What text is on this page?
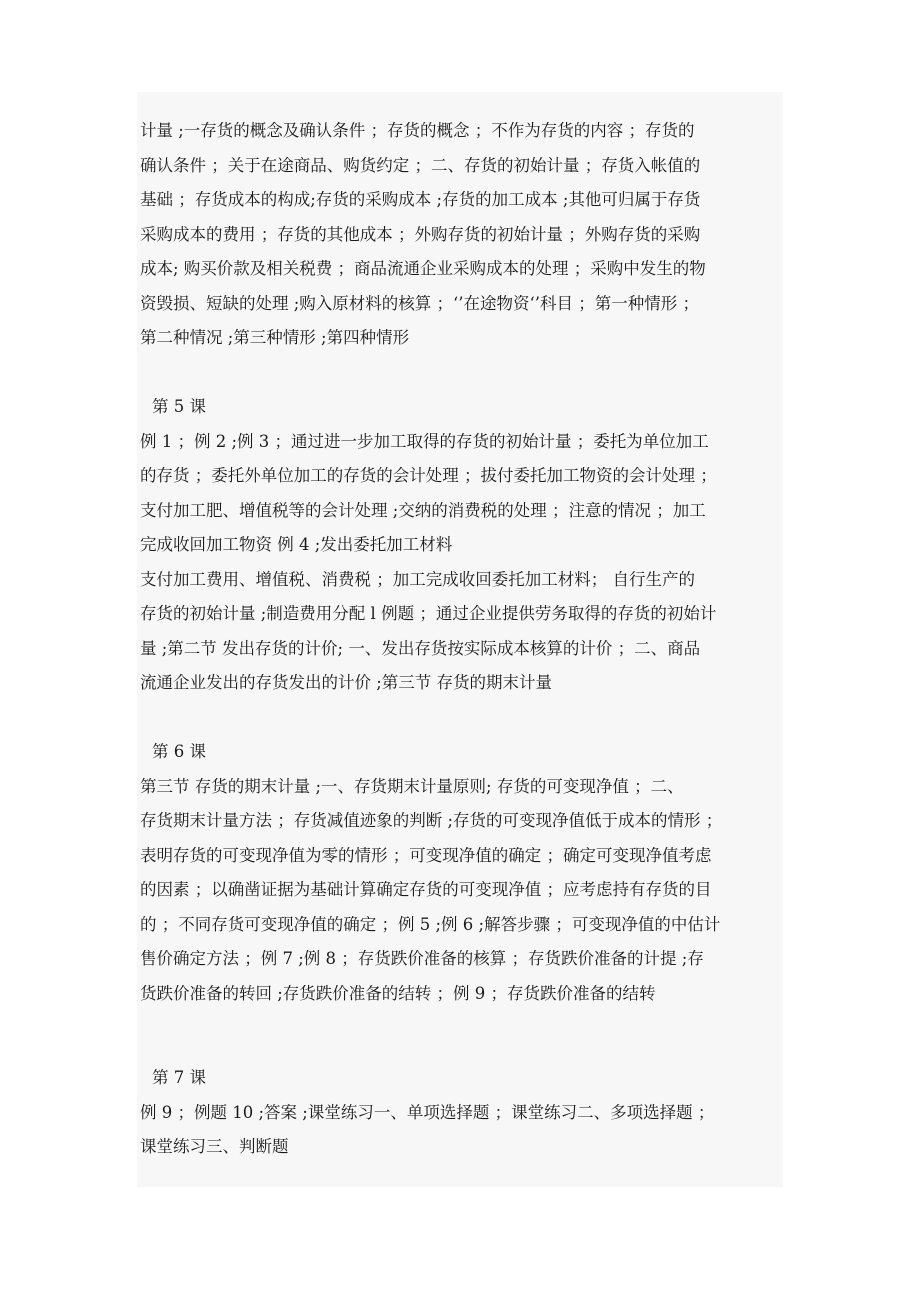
计量 ;一存货的概念及确认条件 ；存货的概念 ；不作为存货的内容 ；存货的
确认条件 ；关于在途商品、购货约定 ；二、存货的初始计量 ；存货入帐值的
基础 ；存货成本的构成;存货的采购成本 ;存货的加工成本 ;其他可归属于存货
采购成本的费用 ；存货的其他成本 ；外购存货的初始计量 ；外购存货的采购
成本; 购买价款及相关税费 ；商品流通企业采购成本的处理 ；采购中发生的物
资毁损、短缺的处理 ;购入原材料的核算 ；‘’在途物资‘’科目 ；第一种情形 ；
第二种情况 ;第三种情形 ;第四种情形
第 5 课
例 1 ；例 2 ;例 3 ；通过进一步加工取得的存货的初始计量 ；委托为单位加工
的存货 ；委托外单位加工的存货的会计处理 ；拔付委托加工物资的会计处理 ；
支付加工肥、增值税等的会计处理 ;交纳的消费税的处理 ；注意的情况 ；加工
完成收回加工物资 例 4 ;发出委托加工材料
支付加工费用、增值税、消费税 ；加工完成收回委托加工材料； 自行生产的
存货的初始计量 ;制造费用分配 l 例题 ；通过企业提供劳务取得的存货的初始计
量 ;第二节 发出存货的计价; 一、发出存货按实际成本核算的计价 ；二、商品
流通企业发出的存货发出的计价 ;第三节 存货的期末计量
第 6 课
第三节 存货的期末计量 ;一、存货期末计量原则; 存货的可变现净值 ；二、
存货期末计量方法 ；存货减值迹象的判断 ;存货的可变现净值低于成本的情形 ；
表明存货的可变现净值为零的情形 ；可变现净值的确定 ；确定可变现净值考虑
的因素 ；以确凿证据为基础计算确定存货的可变现净值 ；应考虑持有存货的目
的 ；不同存货可变现净值的确定 ；例 5 ;例 6 ;解答步骤 ；可变现净值的中估计
售价确定方法 ；例 7 ;例 8 ；存货跌价准备的核算 ；存货跌价准备的计提 ;存
货跌价准备的转回 ;存货跌价准备的结转 ；例 9 ；存货跌价准备的结转
第 7 课
例 9 ；例题 10 ;答案 ;课堂练习一、单项选择题 ；课堂练习二、多项选择题 ；
课堂练习三、判断题
